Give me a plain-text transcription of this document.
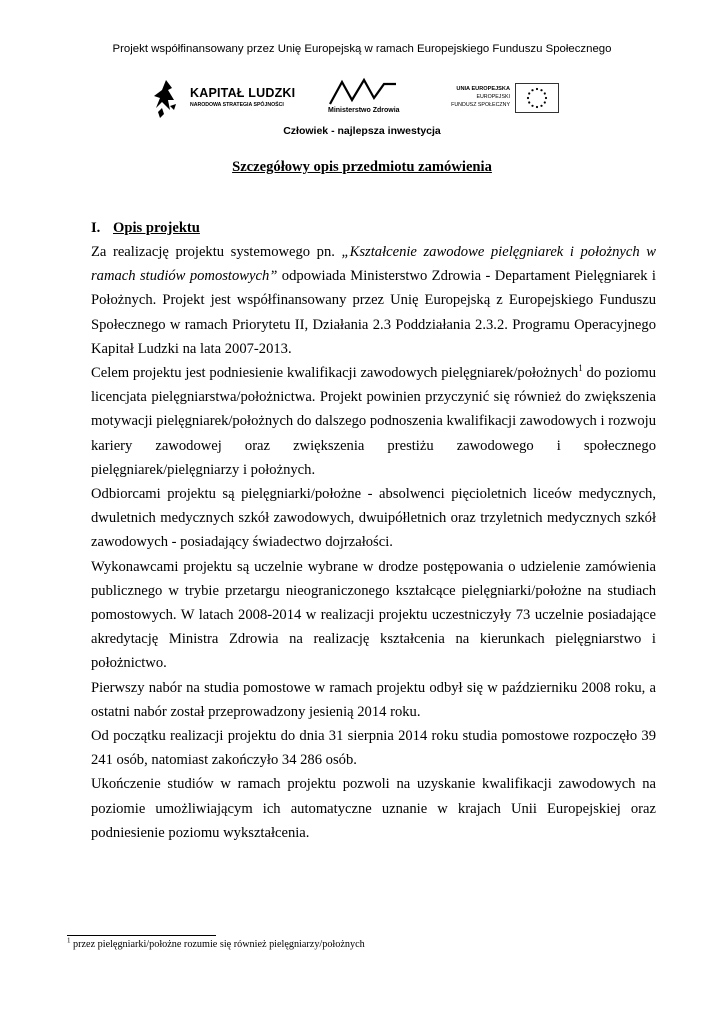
Projekt współfinansowany przez Unię Europejską w ramach Europejskiego Funduszu Społecznego
KAPITAŁ LUDZKI
NARODOWA STRATEGIA SPÓJNOŚCI
Ministerstwo Zdrowia
UNIA EUROPEJSKA
EUROPEJSKI
FUNDUSZ SPOŁECZNY
Człowiek - najlepsza inwestycja
Szczegółowy opis przedmiotu zamówienia
I. Opis projektu

Za realizację projektu systemowego pn. „Kształcenie zawodowe pielęgniarek i położnych w ramach studiów pomostowych” odpowiada Ministerstwo Zdrowia - Departament Pielęgniarek i Położnych. Projekt jest współfinansowany przez Unię Europejską z Europejskiego Funduszu Społecznego w ramach Priorytetu II, Działania 2.3 Poddziałania 2.3.2. Programu Operacyjnego Kapitał Ludzki na lata 2007-2013.

Celem projektu jest podniesienie kwalifikacji zawodowych pielęgniarek/położnych$^1$ do poziomu licencjata pielęgniarstwa/położnictwa. Projekt powinien przyczynić się również do zwiększenia motywacji pielęgniarek/położnych do dalszego podnoszenia kwalifikacji zawodowych i rozwoju kariery zawodowej oraz zwiększenia prestiżu zawodowego i społecznego pielęgniarek/pielęgniarzy i położnych.

Odbiorcami projektu są pielęgniarki/położne - absolwenci pięcioletnich liceów medycznych, dwuletnich medycznych szkół zawodowych, dwuipółletnich oraz trzyletnich medycznych szkół zawodowych - posiadający świadectwo dojrzałości.

Wykonawcami projektu są uczelnie wybrane w drodze postępowania o udzielenie zamówienia publicznego w trybie przetargu nieograniczonego kształcące pielęgniarki/położne na studiach pomostowych. W latach 2008-2014 w realizacji projektu uczestniczyły 73 uczelnie posiadające akredytację Ministra Zdrowia na realizację kształcenia na kierunkach pielęgniarstwo i położnictwo.

Pierwszy nabór na studia pomostowe w ramach projektu odbył się w październiku 2008 roku, a ostatni nabór został przeprowadzony jesienią 2014 roku.

Od początku realizacji projektu do dnia 31 sierpnia 2014 roku studia pomostowe rozpoczęło 39 241 osób, natomiast zakończyło 34 286 osób.

Ukończenie studiów w ramach projektu pozwoli na uzyskanie kwalifikacji zawodowych na poziomie umożliwiającym ich automatyczne uznanie w krajach Unii Europejskiej oraz podniesienie poziomu wykształcenia.

$^1$ przez pielęgniarki/położne rozumie się również pielęgniarzy/położnych
